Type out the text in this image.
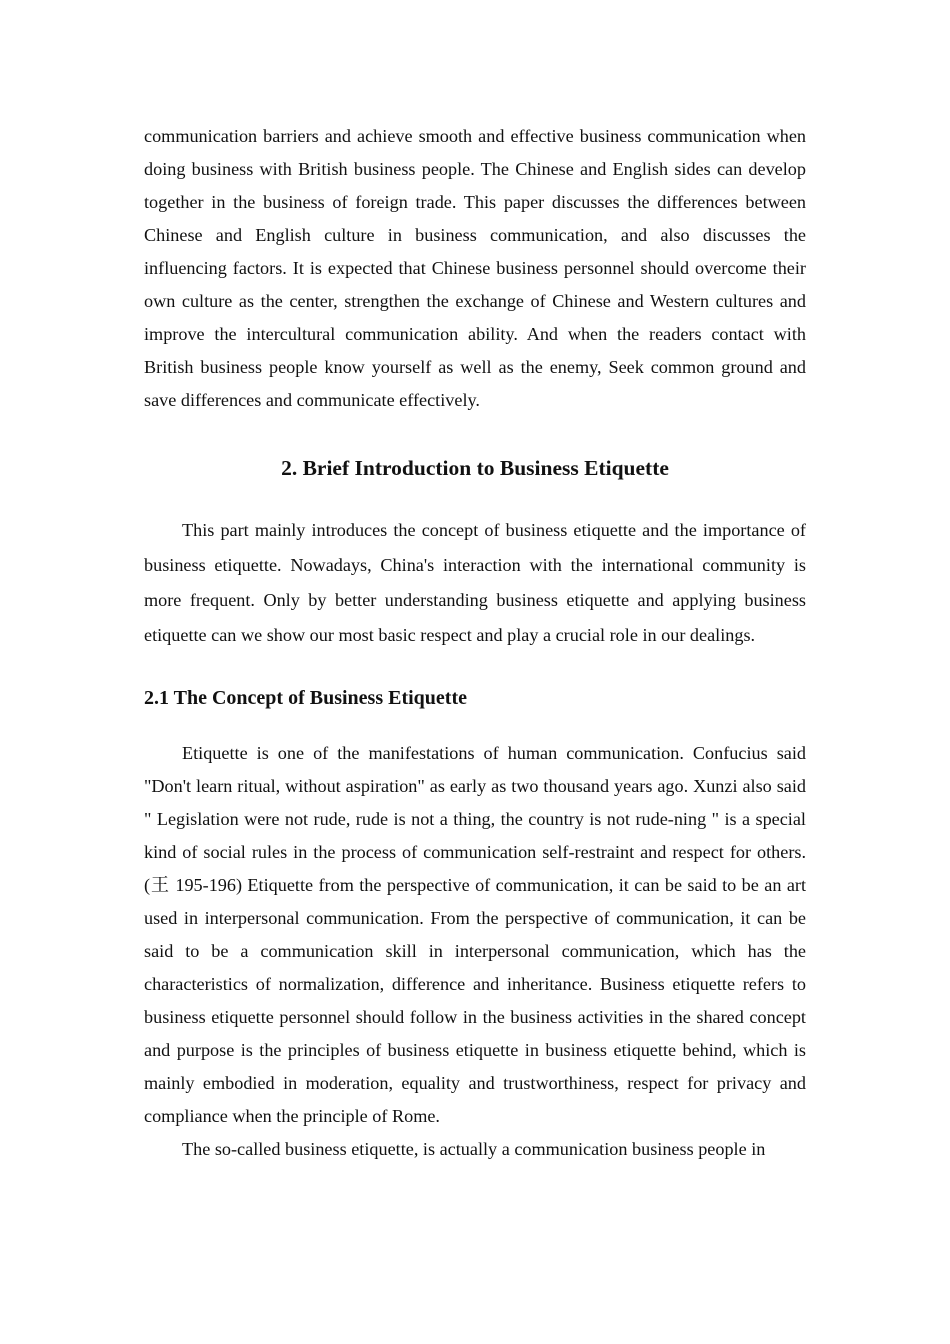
communication barriers and achieve smooth and effective business communication when doing business with British business people. The Chinese and English sides can develop together in the business of foreign trade. This paper discusses the differences between Chinese and English culture in business communication, and also discusses the influencing factors. It is expected that Chinese business personnel should overcome their own culture as the center, strengthen the exchange of Chinese and Western cultures and improve the intercultural communication ability. And when the readers contact with British business people know yourself as well as the enemy, Seek common ground and save differences and communicate effectively.

2. Brief Introduction to Business Etiquette

This part mainly introduces the concept of business etiquette and the importance of business etiquette. Nowadays, China's interaction with the international community is more frequent. Only by better understanding business etiquette and applying business etiquette can we show our most basic respect and play a crucial role in our dealings.

2.1 The Concept of Business Etiquette

Etiquette is one of the manifestations of human communication. Confucius said "Don't learn ritual, without aspiration" as early as two thousand years ago. Xunzi also said " Legislation were not rude, rude is not a thing, the country is not rude-ning " is a special kind of social rules in the process of communication self-restraint and respect for others. (王 195-196) Etiquette from the perspective of communication, it can be said to be an art used in interpersonal communication. From the perspective of communication, it can be said to be a communication skill in interpersonal communication, which has the characteristics of normalization, difference and inheritance. Business etiquette refers to business etiquette personnel should follow in the business activities in the shared concept and purpose is the principles of business etiquette in business etiquette behind, which is mainly embodied in moderation, equality and trustworthiness, respect for privacy and compliance when the principle of Rome.

The so-called business etiquette, is actually a communication business people in
